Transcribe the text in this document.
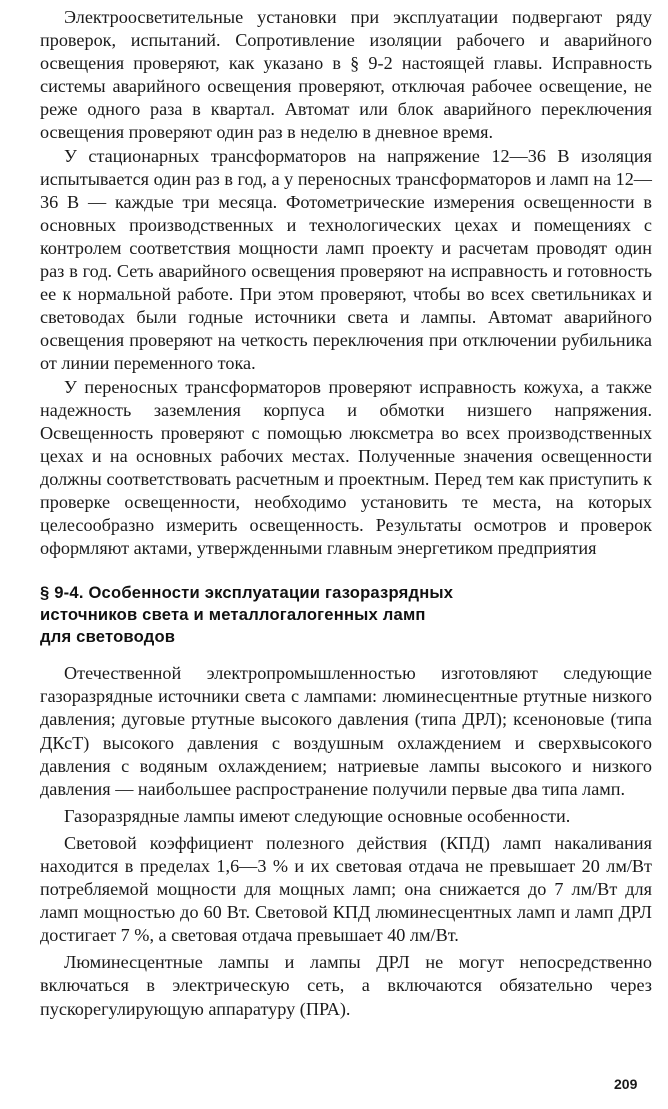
Электроосветительные установки при эксплуатации подвергают ряду проверок, испытаний. Сопротивление изоляции рабочего и аварийного освещения проверяют, как указано в § 9-2 настоящей главы. Исправность системы аварийного освещения проверяют, отключая рабочее освещение, не реже одного раза в квартал. Автомат или блок аварийного переключения освещения проверяют один раз в неделю в дневное время.

У стационарных трансформаторов на напряжение 12—36 В изоляция испытывается один раз в год, а у переносных трансформаторов и ламп на 12—36 В — каждые три месяца. Фотометрические измерения освещенности в основных производственных и технологических цехах и помещениях с контролем соответствия мощности ламп проекту и расчетам проводят один раз в год. Сеть аварийного освещения проверяют на исправность и готовность ее к нормальной работе. При этом проверяют, чтобы во всех светильниках и световодах были годные источники света и лампы. Автомат аварийного освещения проверяют на четкость переключения при отключении рубильника от линии переменного тока.

У переносных трансформаторов проверяют исправность кожуха, а также надежность заземления корпуса и обмотки низшего напряжения. Освещенность проверяют с помощью люксметра во всех производственных цехах и на основных рабочих местах. Полученные значения освещенности должны соответствовать расчетным и проектным. Перед тем как приступить к проверке освещенности, необходимо установить те места, на которых целесообразно измерить освещенность. Результаты осмотров и проверок оформляют актами, утвержденными главным энергетиком предприятия

§ 9-4. Особенности эксплуатации газоразрядных
источников света и металлогалогенных ламп
для световодов

Отечественной электропромышленностью изготовляют следующие газоразрядные источники света с лампами: люминесцентные ртутные низкого давления; дуговые ртутные высокого давления (типа ДРЛ); ксеноновые (типа ДКсТ) высокого давления с воздушным охлаждением и сверхвысокого давления с водяным охлаждением; натриевые лампы высокого и низкого давления — наибольшее распространение получили первые два типа ламп.

Газоразрядные лампы имеют следующие основные особенности.

Световой коэффициент полезного действия (КПД) ламп накаливания находится в пределах 1,6—3 % и их световая отдача не превышает 20 лм/Вт потребляемой мощности для мощных ламп; она снижается до 7 лм/Вт для ламп мощностью до 60 Вт. Световой КПД люминесцентных ламп и ламп ДРЛ достигает 7 %, а световая отдача превышает 40 лм/Вт.

Люминесцентные лампы и лампы ДРЛ не могут непосредственно включаться в электрическую сеть, а включаются обязательно через пускорегулирующую аппаратуру (ПРА).

209
